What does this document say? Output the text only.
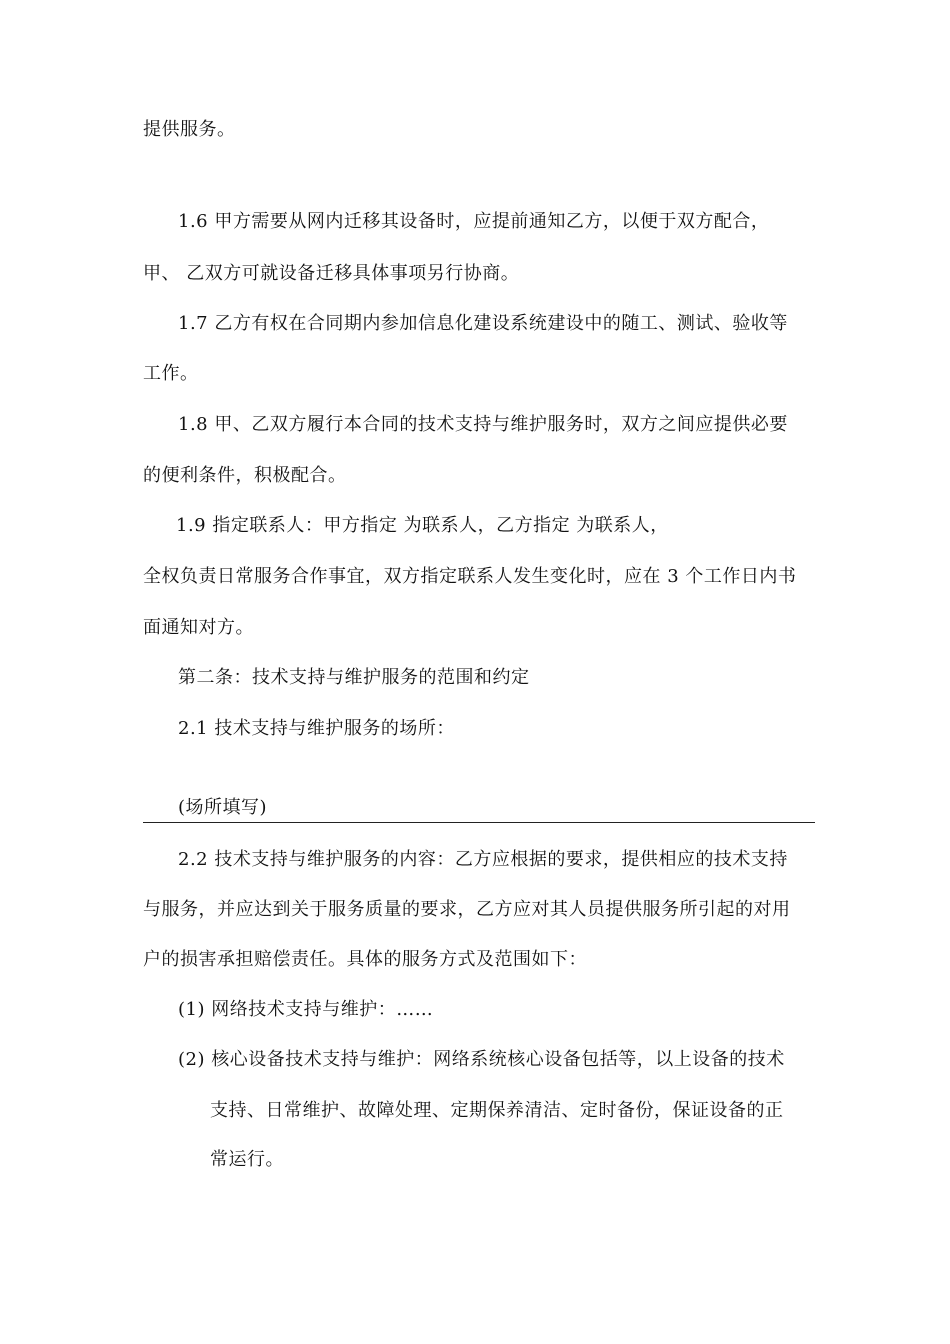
提供服务。
1.6 甲方需要从网内迁移其设备时，应提前通知乙方，以便于双方配合，
甲、 乙双方可就设备迁移具体事项另行协商。
1.7 乙方有权在合同期内参加信息化建设系统建设中的随工、测试、验收等
工作。
1.8 甲、乙双方履行本合同的技术支持与维护服务时，双方之间应提供必要
的便利条件，积极配合。
1.9 指定联系人：甲方指定 为联系人，乙方指定 为联系人，
全权负责日常服务合作事宜，双方指定联系人发生变化时，应在 3 个工作日内书
面通知对方。
第二条：技术支持与维护服务的范围和约定
2.1 技术支持与维护服务的场所：
(场所填写)
2.2 技术支持与维护服务的内容：乙方应根据的要求，提供相应的技术支持
与服务，并应达到关于服务质量的要求，乙方应对其人员提供服务所引起的对用
户的损害承担赔偿责任。具体的服务方式及范围如下：
(1) 网络技术支持与维护：……
(2) 核心设备技术支持与维护：网络系统核心设备包括等，以上设备的技术
支持、日常维护、故障处理、定期保养清洁、定时备份，保证设备的正
常运行。
